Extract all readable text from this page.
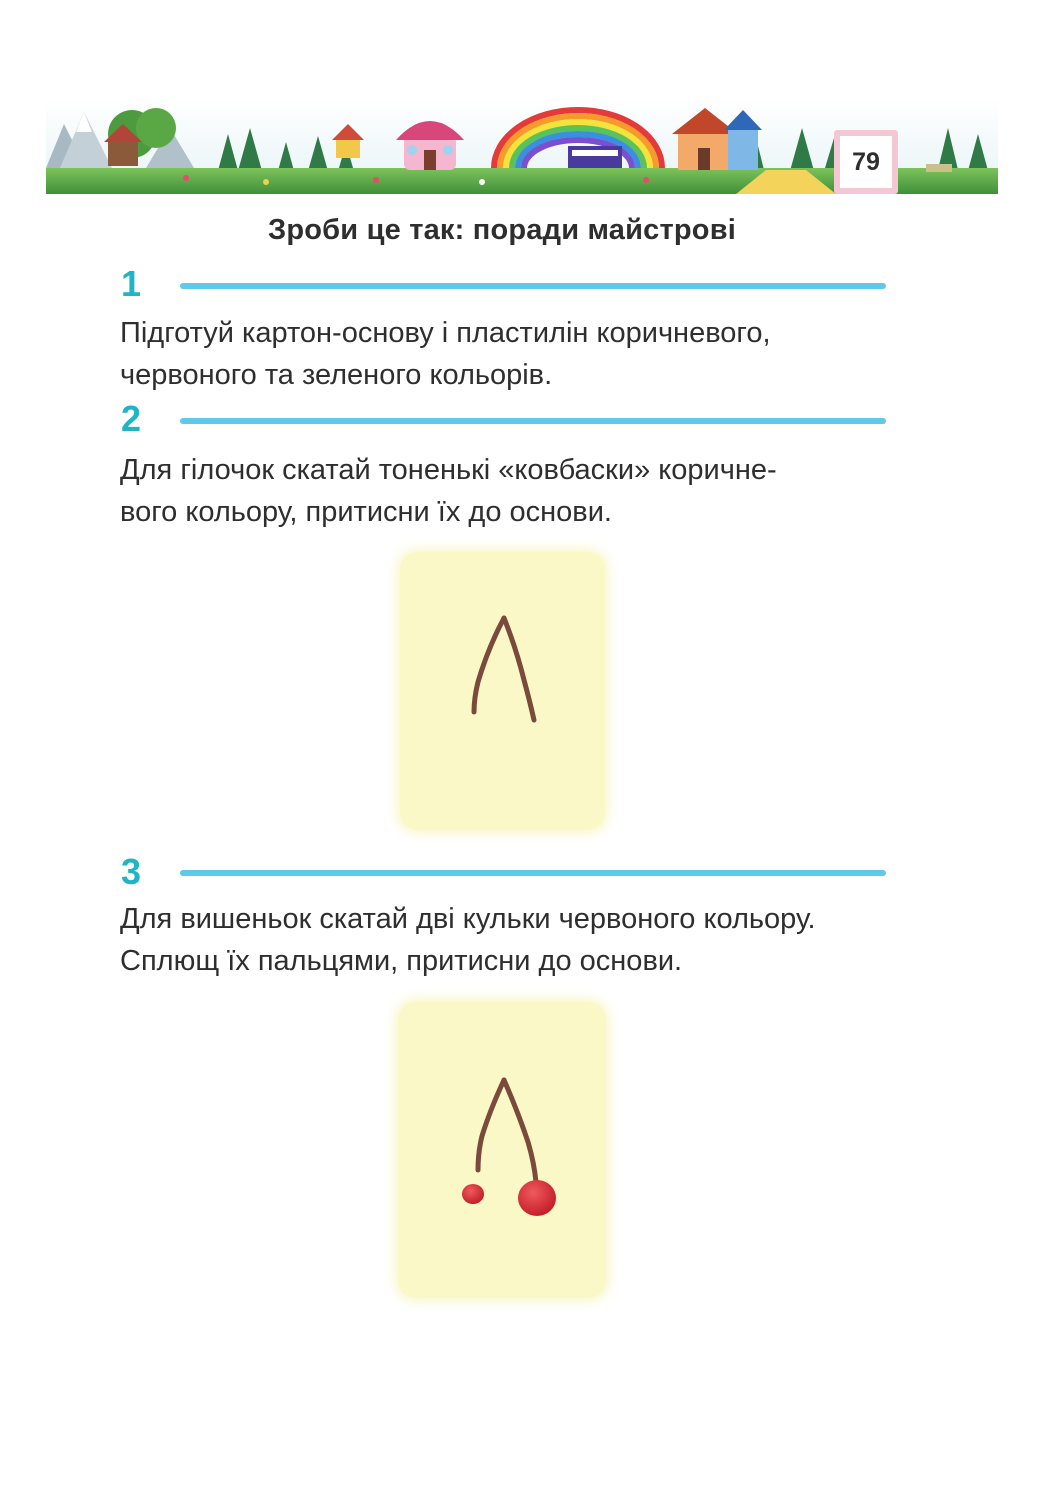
79
Зроби це так: поради майстрові
1
Підготуй картон-основу і пластилін коричневого,
червоного та зеленого кольорів.
2
Для гілочок скатай тоненькі «ковбаски» коричне-
вого кольору, притисни їх до основи.
3
Для вишеньок скатай дві кульки червоного кольору.
Сплющ їх пальцями, притисни до основи.
